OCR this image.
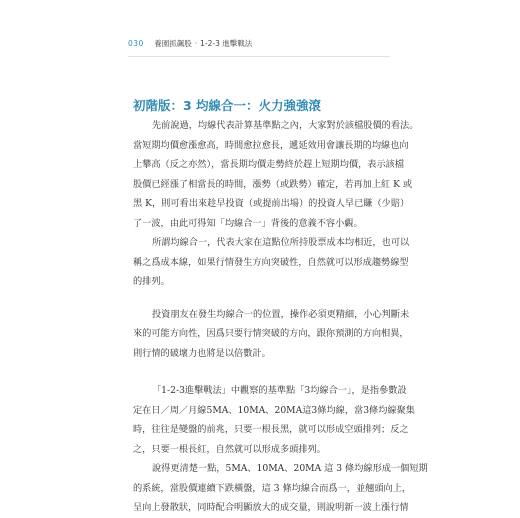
030 養園抓飆股 · 1-2-3 進擊戰法
初階版：3 均線合一：火力強強滾

先前說過，均線代表計算基準點之內，大家對於該檔股價的看法。
當短期均價愈漲愈高，時間愈拉愈長，遞延效用會讓長期的均線也向
上攀高（反之亦然），當長期均價走勢終於趕上短期均價，表示該檔
股價已經漲了相當長的時間，漲勢（或跌勢）確定，若再加上紅 K 或
黑 K，則可看出來趁早投資（或提前出場）的投資人早已賺（少賠）
了一波，由此可得知「均線合一」背後的意義不容小覷。

所謂均線合一，代表大家在這點位所持股票成本均相近，也可以
稱之爲成本線，如果行情發生方向突破性，自然就可以形成趨勢線型
的排列。

投資朋友在發生均線合一的位置，操作必須更精細，小心判斷未
來的可能方向性，因爲只要行情突破的方向，跟你預測的方向相異，
則行情的破壞力也將是以倍數計。

「1-2-3進擊戰法」中觀察的基準點「3均線合一」，是指參數設
定在日／周／月線5MA、10MA、20MA這3條均線，當3條均線聚集
時，往往是變盤的前兆，只要一根長黑，就可以形成空頭排列；反之
之，只要一根長紅，自然就可以形成多頭排列。

說得更清楚一點，5MA、10MA、20MA 這 3 條均線形成一個短期
的系統，當股價連續下跌橫盤，這 3 條均線合而爲一，並翹頭向上，
呈向上發散狀，同時配合明顯放大的成交量，則說明新一波上漲行情
